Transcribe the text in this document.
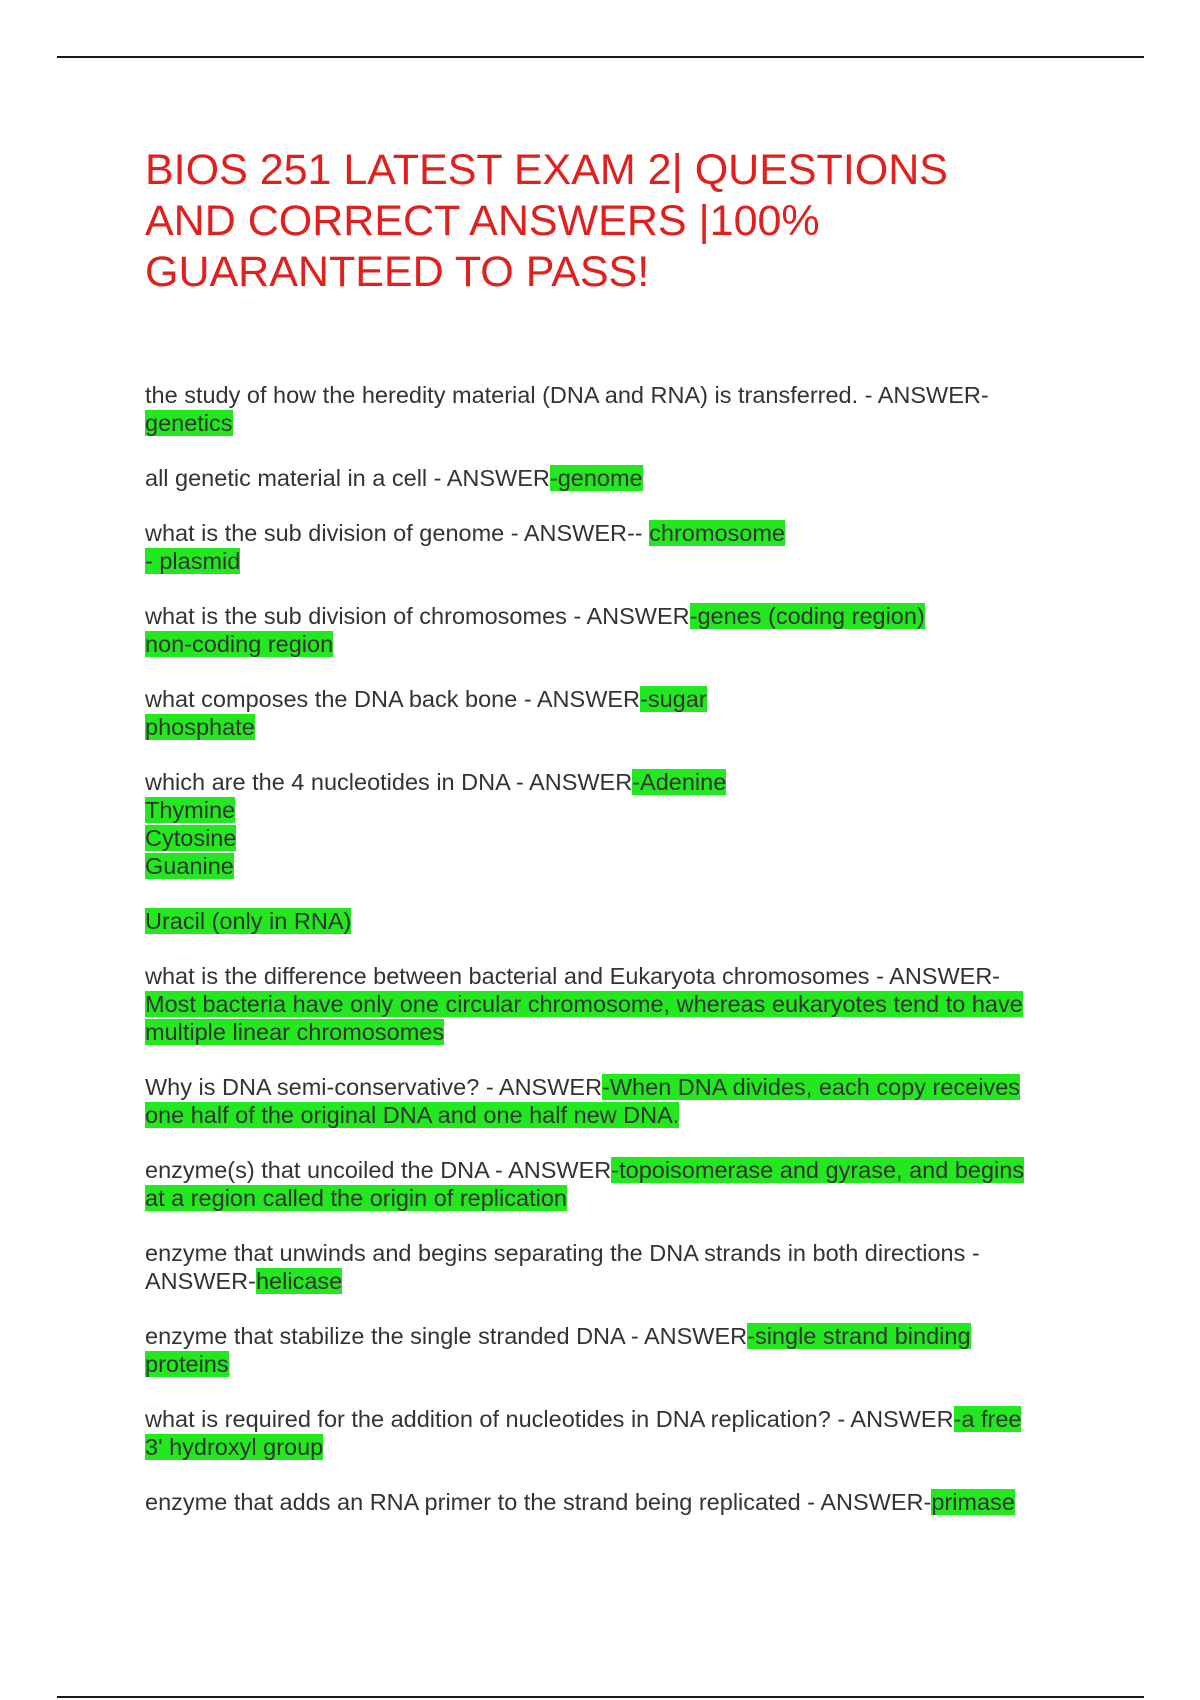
BIOS 251 LATEST EXAM 2| QUESTIONS
AND CORRECT ANSWERS |100%
GUARANTEED TO PASS!
the study of how the heredity material (DNA and RNA) is transferred. - ANSWER-
genetics
all genetic material in a cell - ANSWER-genome
what is the sub division of genome - ANSWER-- chromosome
- plasmid
what is the sub division of chromosomes - ANSWER-genes (coding region)
non-coding region
what composes the DNA back bone - ANSWER-sugar
phosphate
which are the 4 nucleotides in DNA - ANSWER-Adenine
Thymine
Cytosine
Guanine
Uracil (only in RNA)
what is the difference between bacterial and Eukaryota chromosomes - ANSWER-
Most bacteria have only one circular chromosome, whereas eukaryotes tend to have
multiple linear chromosomes
Why is DNA semi-conservative? - ANSWER-When DNA divides, each copy receives
one half of the original DNA and one half new DNA.
enzyme(s) that uncoiled the DNA - ANSWER-topoisomerase and gyrase, and begins
at a region called the origin of replication
enzyme that unwinds and begins separating the DNA strands in both directions -
ANSWER-helicase
enzyme that stabilize the single stranded DNA - ANSWER-single strand binding
proteins
what is required for the addition of nucleotides in DNA replication? - ANSWER-a free
3' hydroxyl group
enzyme that adds an RNA primer to the strand being replicated - ANSWER-primase
